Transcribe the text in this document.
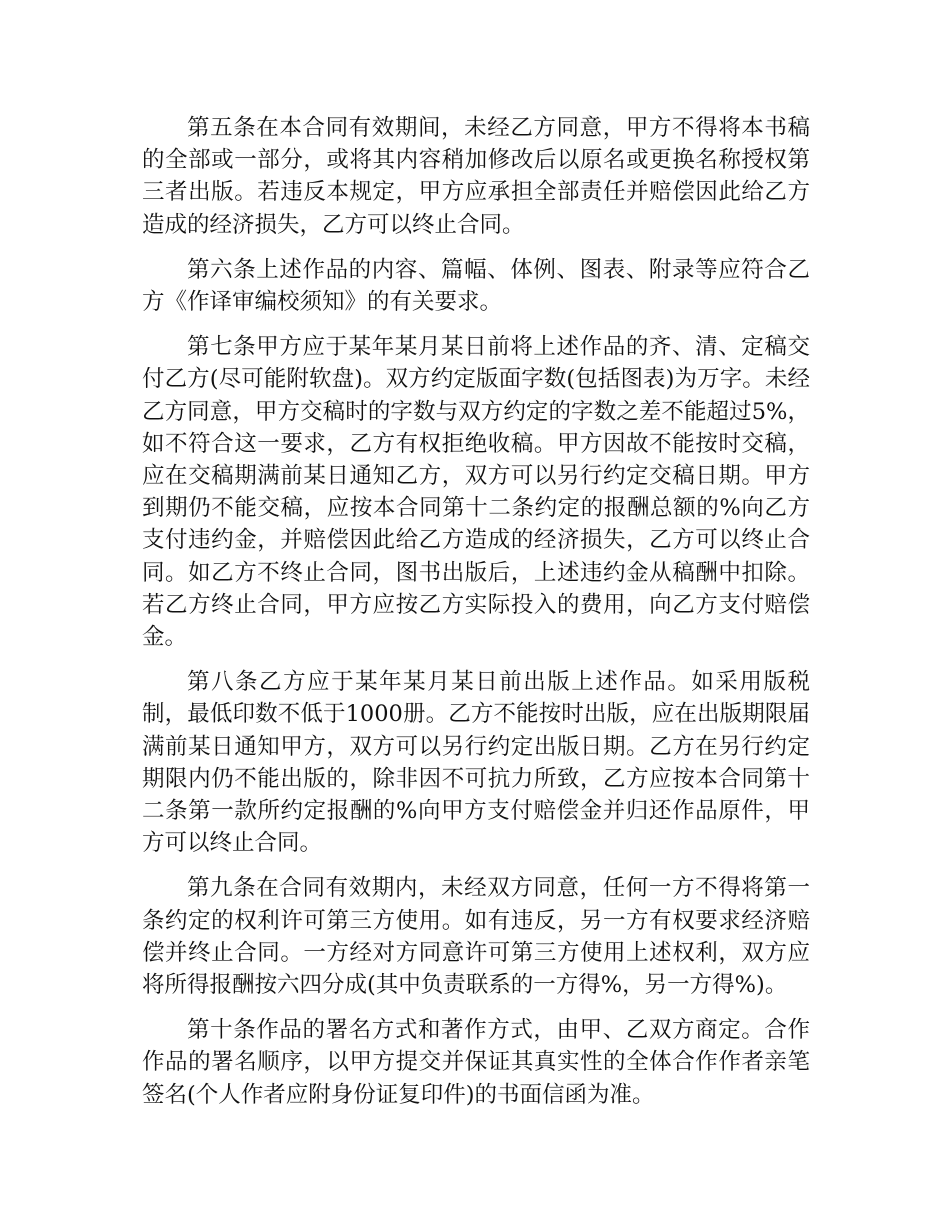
第五条在本合同有效期间，未经乙方同意，甲方不得将本书稿的全部或一部分，或将其内容稍加修改后以原名或更换名称授权第三者出版。若违反本规定，甲方应承担全部责任并赔偿因此给乙方造成的经济损失，乙方可以终止合同。

第六条上述作品的内容、篇幅、体例、图表、附录等应符合乙方《作译审编校须知》的有关要求。

第七条甲方应于某年某月某日前将上述作品的齐、清、定稿交付乙方(尽可能附软盘)。双方约定版面字数(包括图表)为万字。未经乙方同意，甲方交稿时的字数与双方约定的字数之差不能超过5%，如不符合这一要求，乙方有权拒绝收稿。甲方因故不能按时交稿，应在交稿期满前某日通知乙方，双方可以另行约定交稿日期。甲方到期仍不能交稿，应按本合同第十二条约定的报酬总额的%向乙方支付违约金，并赔偿因此给乙方造成的经济损失，乙方可以终止合同。如乙方不终止合同，图书出版后，上述违约金从稿酬中扣除。若乙方终止合同，甲方应按乙方实际投入的费用，向乙方支付赔偿金。

第八条乙方应于某年某月某日前出版上述作品。如采用版税制，最低印数不低于1000册。乙方不能按时出版，应在出版期限届满前某日通知甲方，双方可以另行约定出版日期。乙方在另行约定期限内仍不能出版的，除非因不可抗力所致，乙方应按本合同第十二条第一款所约定报酬的%向甲方支付赔偿金并归还作品原件，甲方可以终止合同。

第九条在合同有效期内，未经双方同意，任何一方不得将第一条约定的权利许可第三方使用。如有违反，另一方有权要求经济赔偿并终止合同。一方经对方同意许可第三方使用上述权利，双方应将所得报酬按六四分成(其中负责联系的一方得%，另一方得%)。

第十条作品的署名方式和著作方式，由甲、乙双方商定。合作作品的署名顺序，以甲方提交并保证其真实性的全体合作作者亲笔签名(个人作者应附身份证复印件)的书面信函为准。
